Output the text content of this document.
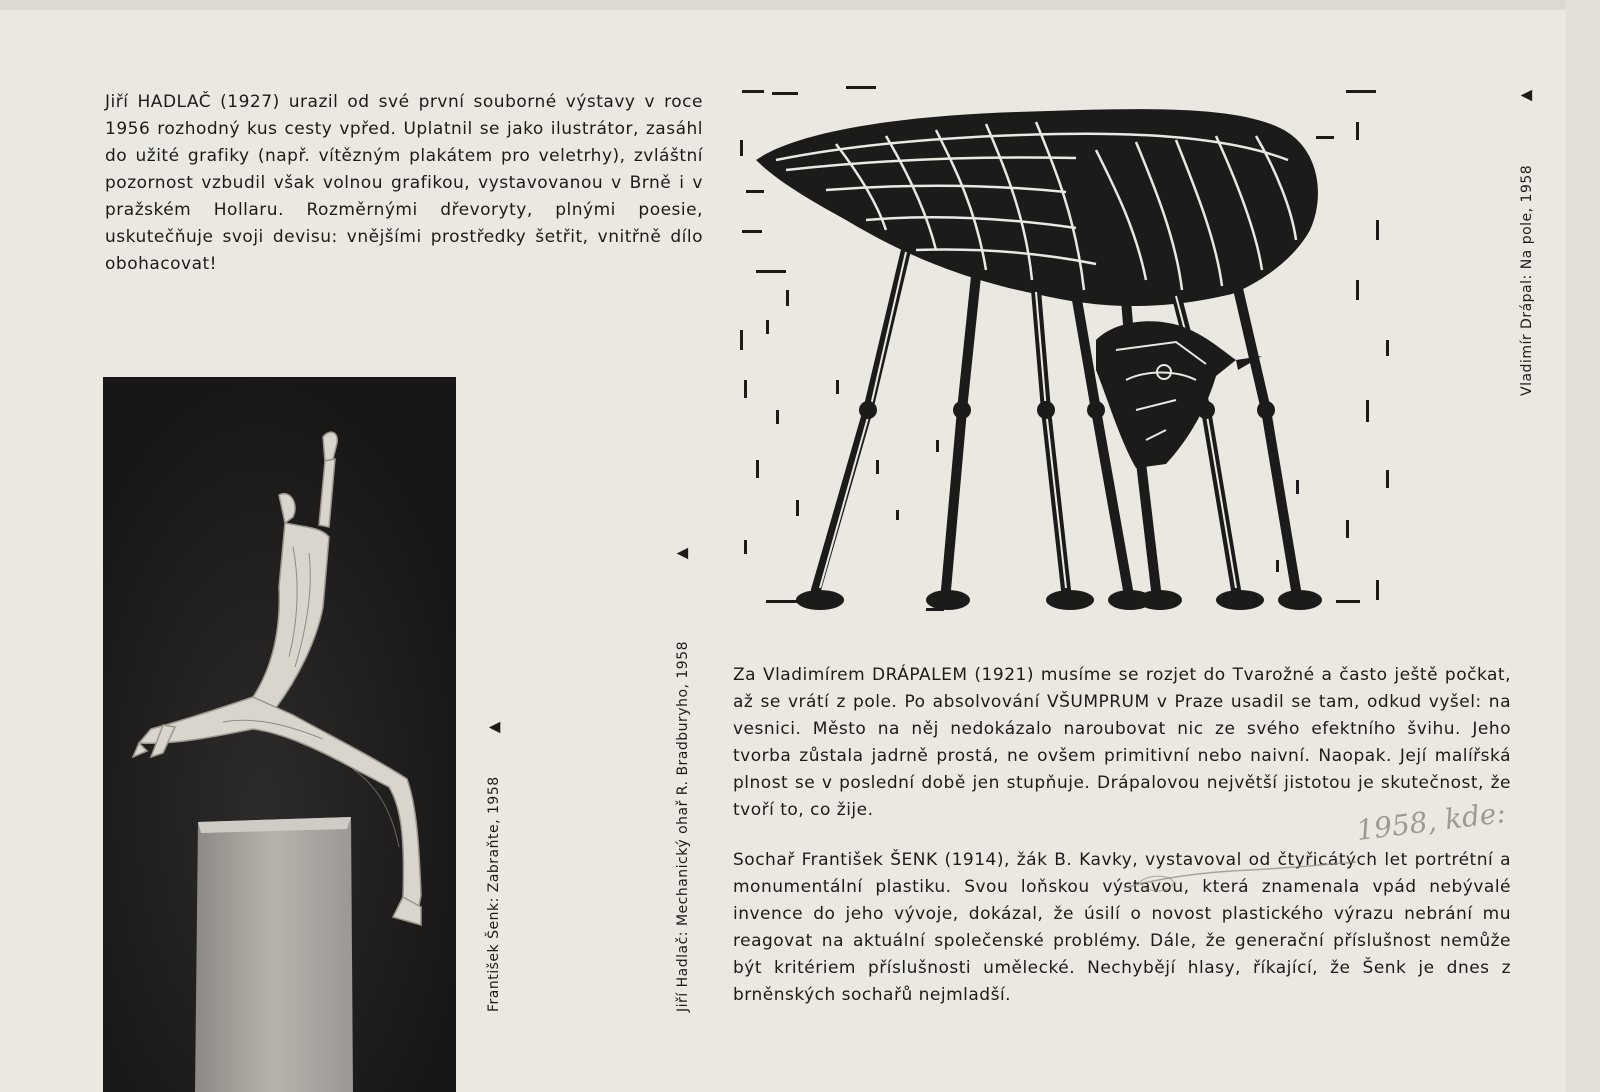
Jiří HADLAČ (1927) urazil od své první souborné výstavy v roce 1956 rozhodný kus cesty vpřed. Uplatnil se jako ilustrátor, zasáhl do užité grafiky (např. vítězným plakátem pro veletrhy), zvláštní pozornost vzbudil však volnou grafikou, vystavovanou v Brně i v pražském Hollaru. Rozměrnými dřevoryty, plnými poesie, uskutečňuje svoji devisu: vnějšími prostředky šetřit, vnitřně dílo obohacovat!

Za Vladimírem DRÁPALEM (1921) musíme se rozjet do Tvarožné a často ještě počkat, až se vrátí z pole. Po absolvování VŠUMPRUM v Praze usadil se tam, odkud vyšel: na vesnici. Město na něj nedokázalo naroubovat nic ze svého efektního švihu. Jeho tvorba zůstala jadrně prostá, ne ovšem primitivní nebo naivní. Naopak. Její malířská plnost se v poslední době jen stupňuje. Drápalovou největší jistotou je skutečnost, že tvoří to, co žije.

Sochař František ŠENK (1914), žák B. Kavky, vystavoval od čtyřicátých let portrétní a monumentální plastiku. Svou loňskou výstavou, která znamenala vpád nebývalé invence do jeho vývoje, dokázal, že úsilí o novost plastického výrazu nebrání mu reagovat na aktuální společenské problémy. Dále, že generační příslušnost nemůže být kritériem příslušnosti umělecké. Nechybějí hlasy, říkající, že Šenk je dnes z brněnských sochařů nejmladší.

František Šenk: Zabraňte, 1958
▲	Jiří Hadlač: Mechanický ohař R. Bradburyho, 1958
▼
Vladimír Drápal: Na pole, 1958
▼
1958, kde:
